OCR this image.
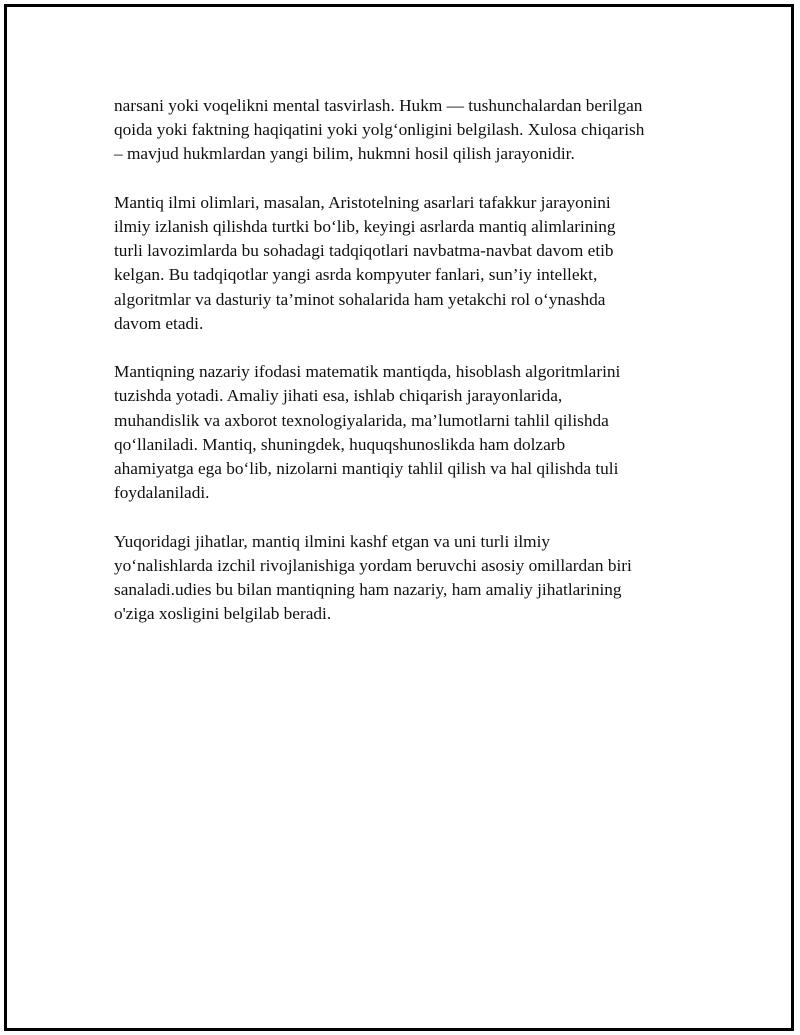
narsani yoki voqelikni mental tasvirlash. Hukm — tushunchalardan berilgan
qoida yoki faktning haqiqatini yoki yolg‘onligini belgilash. Xulosa chiqarish
– mavjud hukmlardan yangi bilim, hukmni hosil qilish jarayonidir.

Mantiq ilmi olimlari, masalan, Aristotelning asarlari tafakkur jarayonini
ilmiy izlanish qilishda turtki bo‘lib, keyingi asrlarda mantiq alimlarining
turli lavozimlarda bu sohadagi tadqiqotlari navbatma-navbat davom etib
kelgan. Bu tadqiqotlar yangi asrda kompyuter fanlari, sun’iy intellekt,
algoritmlar va dasturiy ta’minot sohalarida ham yetakchi rol o‘ynashda
davom etadi.

Mantiqning nazariy ifodasi matematik mantiqda, hisoblash algoritmlarini
tuzishda yotadi. Amaliy jihati esa, ishlab chiqarish jarayonlarida,
muhandislik va axborot texnologiyalarida, ma’lumotlarni tahlil qilishda
qo‘llaniladi. Mantiq, shuningdek, huquqshunoslikda ham dolzarb
ahamiyatga ega bo‘lib, nizolarni mantiqiy tahlil qilish va hal qilishda tuli
foydalaniladi.

Yuqoridagi jihatlar, mantiq ilmini kashf etgan va uni turli ilmiy
yo‘nalishlarda izchil rivojlanishiga yordam beruvchi asosiy omillardan biri
sanaladi.udies bu bilan mantiqning ham nazariy, ham amaliy jihatlarining
o'ziga xosligini belgilab beradi.
